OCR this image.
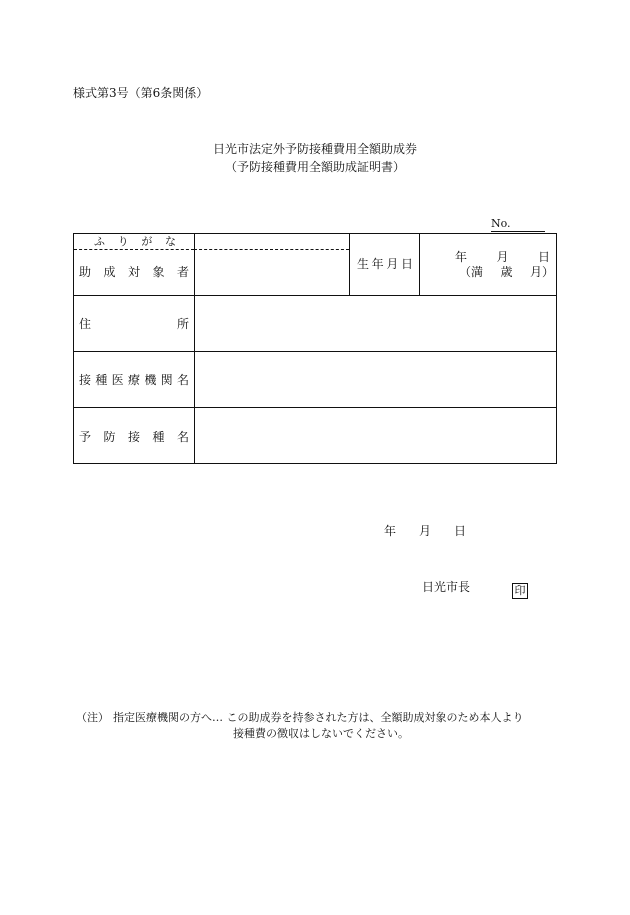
様式第3号（第6条関係）
日光市法定外予防接種費用全額助成券
（予防接種費用全額助成証明書）
No.
ふ り が な
助 成 対 象 者
生 年 月 日	年 月 日
（満 歳 月）
住	所
接 種 医 療 機 関 名
予 防 接 種 名
年 月 日
日光市長	印
（注） 指定医療機関の方へ… この助成券を持参された方は、全額助成対象のため本人より
接種費の徴収はしないでください。
